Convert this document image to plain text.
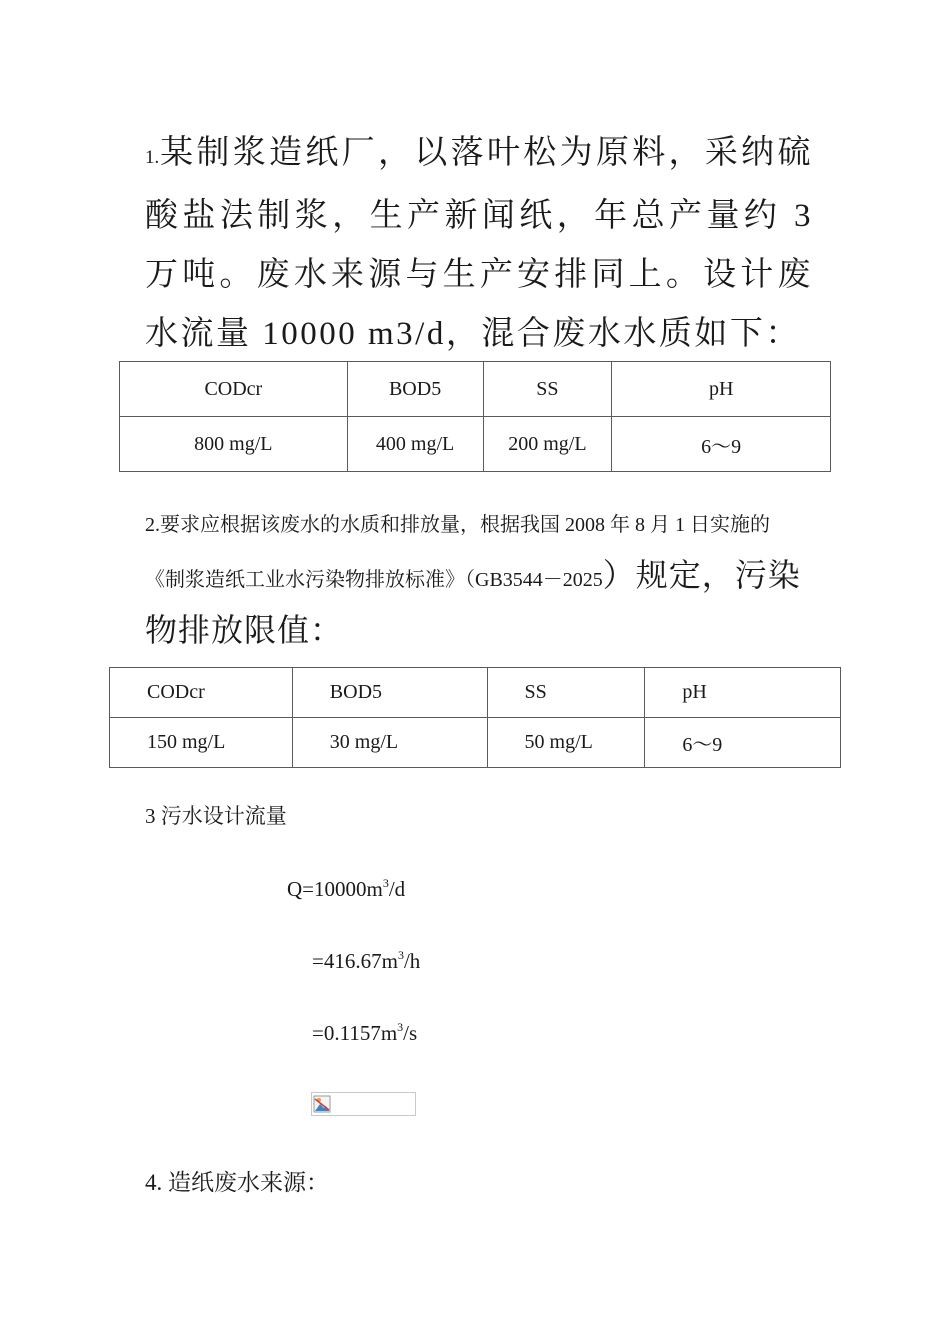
1.某制浆造纸厂，以落叶松为原料，采纳硫酸盐法制浆，生产新闻纸，年总产量约 3 万吨。废水来源与生产安排同上。设计废水流量 10000 m3/d，混合废水水质如下：
CODcr	BOD5	SS	pH
800 mg/L	400 mg/L	200 mg/L	6～9
2.要求应根据该废水的水质和排放量，根据我国 2008 年 8 月 1 日实施的《制浆造纸工业水污染物排放标准》（GB3544－2025）规定，污染物排放限值：
CODcr	BOD5	SS	pH
150 mg/L	30 mg/L	50 mg/L	6～9
3 污水设计流量
$Q=10000m^3/d$
$=416.67m^3/h$
$=0.1157m^3/s$
4. 造纸废水来源：
